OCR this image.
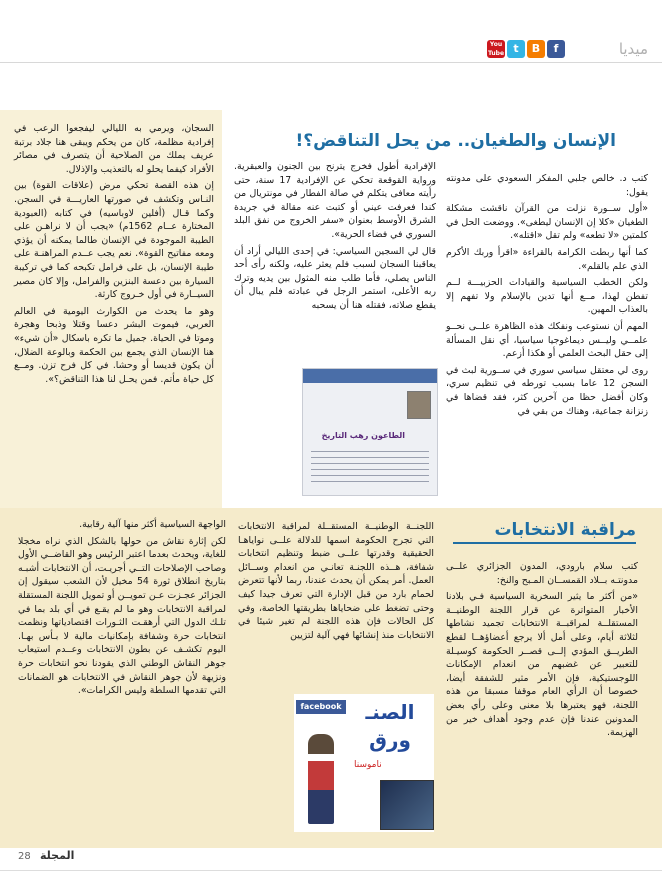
ميديا
f
B
t
You Tube
الإنسان والطغيان.. من يحل التناقض؟!

كتب د. خالص جلبي المفكر السعودي على مدونته يقول:

«أول ســورة نزلت من القرآن ناقشت مشكلة الطغيان «كلا إن الإنسان ليطغى». ووضعت الحل في كلمتين «لا تطعه» ولم تقل «اقتله».

كما أنها ربطت الكرامة بالقراءة «اقرأ وربك الأكرم الذي علم بالقلم».

ولكن الخطب السياسية والقيادات الحزبيـــة لــم تفطن لهذا، مــع أنها تدين بالإسلام ولا تفهم إلا بالعذاب المهين.

المهم أن نستوعب ونفكك هذه الظاهرة علــى نحــو علمــي وليــس ديماغوجيا سياسيا، أي نقل المسألة إلى حقل البحث العلمي أو هكذا أزعم.

روى لي معتقل سياسي سوري في ســورية لبث في السجن 12 عاما بسبب تورطه في تنظيم سري، وكان أفضل حظا من آخرين كثر، فقد قضاها في زنزانة جماعية، وهناك من بقي في

الإفرادية أطول فخرج يترنح بين الجنون والعبقرية. ورواية القوقعة تحكي عن الإفرادية 17 سنة، حتى رأيته معافى يتكلم في صالة الفطار في مونتريال من كندا فعرفت عيني أو كتبت عنه مقالة في جريدة الشرق الأوسط بعنوان «سفر الخروج من نفق البلد السوري في فضاء الحرية».

قال لي السجين السياسي: في إحدى الليالي أراد أن يعاقبنا السجان لسبب فلم يعثر عليه، ولكنه رأى أحد الناس يصلي، فأما طلب منه المثول بين يديه وترك ربه الأعلى، استمر الرجل في عبادته فلم يبال أن يقطع صلاته، فقتله هنا أن يسحبه

الطاعون رهب التاريخ

السجان، ويرمي به الليالي ليفجعوا الرعب في إفرادية مظلمة، كان من يحكم ويبقى هنا جلاد برتبة عريف يملك من الصلاحية أن يتصرف في مصائر الأفراد كيفما يحلو له بالتعذيب والإذلال.

إن هذه القصة تحكي مرض (علاقات القوة) بين النـاس وتكشف في صورتها العاريـــة في السجن. وكما قـال (أفلين لاوباسيه) في كتابه (العبودية المختارة عــام 1562م) «يجب أن لا نراهـن على الطيبة الموجودة في الإنسان طالما يمكنه أن يؤذي ومعه مفاتيح القوة». نعم يجب عــدم المراهنـة على طيبة الإنسان، بل على فرامل تكبحه كما في تركيبة السيارة بين دعسة البنزين والفرامل، وإلا كان مصير السيــارة في أول خـروج كارثة.

وهو ما يحدث من الكوارث اليومية في العالم العربي، فيموت البشر دعسا وقتلا وذبحا وهجرة وموتا في الحياة. جميل ما تكره باسكال «أن شيء» هنا الإنسان الذي يجمع بين الحكمة وبالوعة الضلال، أن يكون قديسا أو وحشا. في كل فرح تزن. ومــع كل حياة مأتم. فمن يحـل لنا هذا التناقض؟».

مراقبة الانتخابات

كتب سلام بارودي، المدون الجزائري علــى مدونتـه بــلاد القمســان المـبح والنخ:

«من أكثر ما يثير السخرية السياسية فـي بلادنا الأخبار المتواترة عن قرار اللجنة الوطنيــة المستقلــة لمراقبــة الانتخابات تجميد نشاطها لثلاثة أيام، وعلى أمل ألا يرجع أعضاؤهــا لقطع الطريــق المؤدي إلــى قصــر الحكومة كوسيـلة للتعبير عن غضبهم من انعدام الإمكانات اللوجستيكية، فإن الأمر مثير للشفقة أيضا، خصوصا أن الرأي العام موقفا مسبقا من هذه اللجنة، فهو يعتبرها بلا معنى وعلى رأي بعض المدونين عندنا فإن عدم وجود أهداف خير من الهزيمة.

اللجنــة الوطنيــة المستقــلة لمراقبة الانتخابات التي تجرح الحكومة اسمها للدلالة علــى نواياهـا الحقيقية وقدرتها علــى ضبط وتنظيم انتخابات شفافة، هــذه اللجنـة تعانـي من انعدام وســائل العمل. أمر يمكن أن يحدث عندنا، ربما لأنها تتعرض لحمام بارد من قبل الإدارة التي تعرف جيدا كيف وحتى تضغط على ضحاياها بطريقتها الخاصة، وفي كل الحالات فإن هذه اللجنة لم تغير شيئا في الانتخابات منذ إنشائها فهي آلية لتزيين

facebook	الصنـ ورق
ناموسنا

الواجهة السياسية أكثر منها آلية رقابية.

لكن إثارة نقاش من حولها بالشكل الذي نراه مخجلا للغاية، ويحدث بعدما اعتبر الرئيس وهو القاضــي الأول وصاحب الإصلاحات التــي أجريـت، أن الانتخابات أشبـه بتاريخ انطلاق ثورة 54 مخيل لأن الشعب سيقول إن الجزائر عجـزت عـن تمويــن أو تمويل اللجنة المستقلة لمراقبة الانتخابات وهو ما لم يقـع في أي بلد بما في تلـك الدول التي أرهقـت الثـورات اقتصادياتها ونظمت انتخابات حرة وشفافة بإمكانيات مالية لا بـأس بهـا. اليوم تكشـف عن بطون الانتخابات وعــدم استيعاب جوهر النقاش الوطني الذي يقودنا نحو انتخابات حرة ونزيهة لأن جوهر النقاش في الانتخابات هو الضمانات التي تقدمها السلطة وليس الكرامات».

28 المجلة
